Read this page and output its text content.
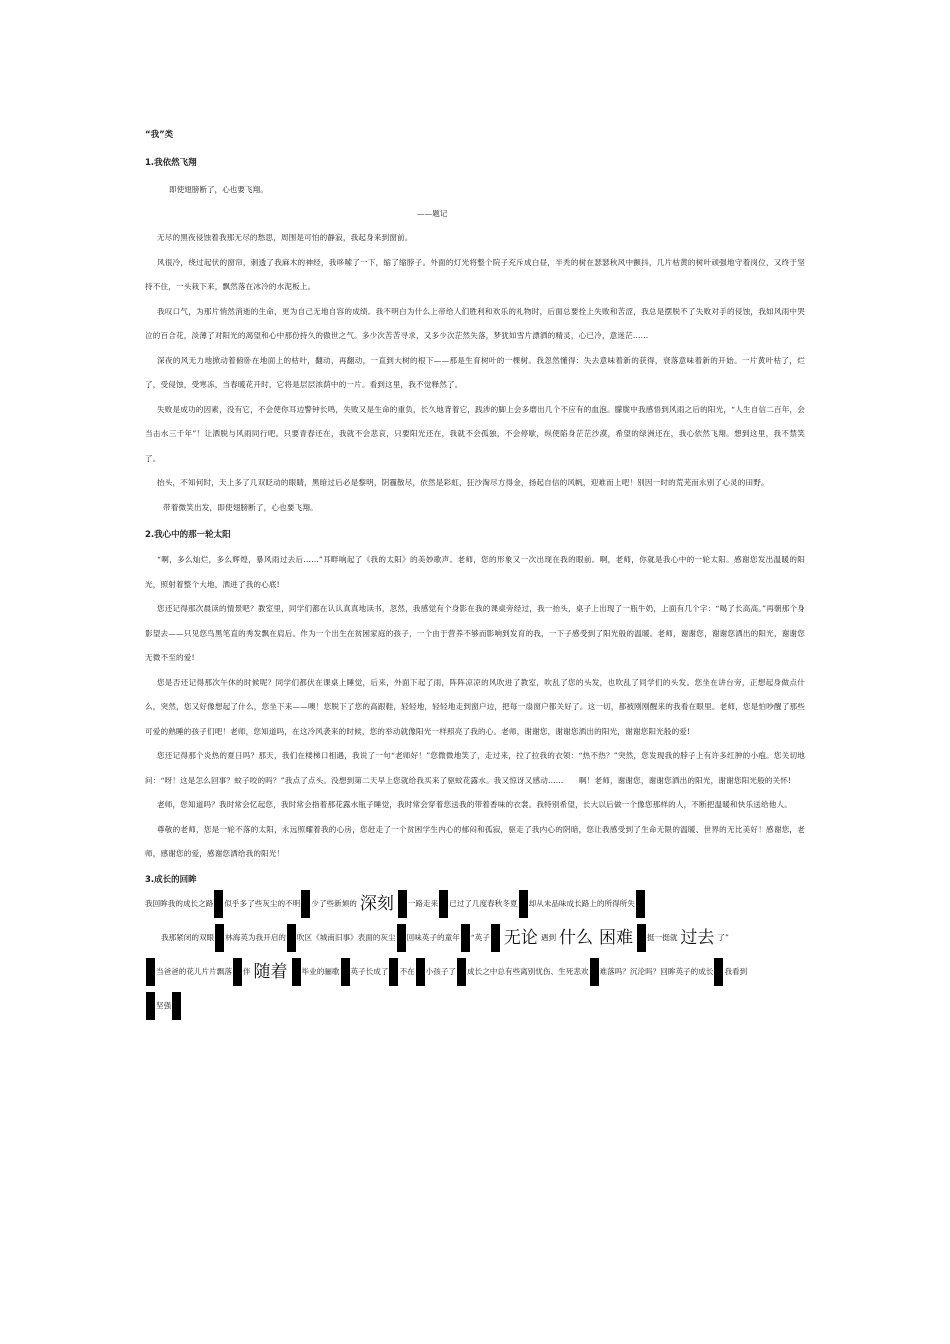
“我”类

1.我依然飞翔

即使翅膀断了，心也要飞翔。

——题记

无尽的黑夜侵蚀着我那无尽的愁思，周围是可怕的静寂，我起身来到窗前。

风很冷，绕过起伏的窗帘，刺透了我麻木的神经，我哆嗦了一下，缩了缩脖子。外面的灯光将整个院子充斥成白昼，半秃的树在瑟瑟秋风中颤抖，几片枯黄的树叶顽强地守着岗位，又终于坚持不住，一头栽下来，飘然落在冰冷的水泥板上。

我叹口气，为那片悄然消逝的生命，更为自己无地自容的成绩。我不明白为什么上帝给人们胜利和欢乐的礼物时，后面总要拴上失败和苦涩，我总是摆脱不了失败对手的侵蚀，我如风雨中哭泣的百合花，淡薄了对阳光的渴望和心中那份持久的傲世之气。多少次苦苦寻求，又多少次茫然失落，梦犹如雪片漂洒的精灵，心已冷，意迷茫……

深夜的风无力地掀动着俯卧在地面上的枯叶，翻动，再翻动，一直到大树的根下——那是生育树叶的一棵树。我忽然懂得：失去意味着新的获得，衰落意味着新的开始。一片黄叶枯了，烂了，受侵蚀，受寒冻，当春暖花开时，它将是层层浓荫中的一片。看到这里，我不觉释然了。

失败是成功的因素，没有它，不会使你耳边警钟长鸣，失败又是生命的重负，长久地背着它，践涉的脚上会多磨出几个不应有的血泡。朦胧中我感悟到风雨之后的阳光，“人生自信二百年，会当击水三千年”！让洒脱与风雨同行吧。只要青春还在，我就不会悲哀，只要阳光还在，我就不会孤独，不会停歇，纵使陷身茫茫沙漠，希望的绿洲还在，我心依然飞翔。想到这里，我不禁笑了。

抬头，不知何时，天上多了几双眨动的眼睛，黑暗过后必是黎明，阴霾散尽，依然是彩虹，狂沙淘尽方得金，扬起自信的风帆，迎难而上吧！别因一时的荒芜而永别了心灵的田野。

带着微笑出发，即使翅膀断了，心也要飞翔。

2.我心中的那一轮太阳

“啊，多么灿烂，多么辉煌，暴风雨过去后……”耳畔响起了《我的太阳》的美妙歌声。老师，您的形象又一次出现在我的眼前。啊，老师，你就是我心中的一轮太阳。感谢您发出温暖的阳光，照射着整个大地，洒进了我的心底!

您还记得那次晨读的情景吧？教室里，同学们都在认认真真地读书，忽然，我感觉有个身影在我的课桌旁经过，我一抬头，桌子上出现了一瓶牛奶，上面有几个字：“喝了长高高。”再朝那个身影望去——只见您鸟黑笔直的秀发飘在肩后。作为一个出生在贫困家庭的孩子，一个由于营养不够而影响到发育的我，一下子感受到了阳光般的温暖。老师，谢谢您，谢谢您洒出的阳光，谢谢您无微不至的爱!

您是否还记得那次午休的时候呢？同学们都伏在课桌上睡觉，后来，外面下起了雨，阵阵凉凉的风吹进了教室，吹乱了您的头发，也吹乱了同学们的头发。您坐在讲台旁，正想起身做点什么，突然，您又好像想起了什么，您坐下来——噢！您脱下了您的高跟鞋，轻轻地，轻轻地走到窗户边，把每一扇窗户都关好了。这一切，都被刚刚醒来的我看在眼里。老师，您是怕吵醒了那些可爱的熟睡的孩子们吧！老师，您知道吗，在这冷风袭来的时候，您的举动就像阳光一样照亮了我的心。老师，谢谢您，谢谢您洒出的阳光，谢谢您阳光般的爱!

您还记得那个炎热的夏日吗？那天，我们在楼梯口相遇，我说了一句“老师好！”您微微地笑了，走过来，拉了拉我的衣领：“热不热？”突然，您发现我的脖子上有许多红肿的小疱。您关切地问：“呀！这是怎么回事？蚊子咬的吗？”我点了点头。没想到第二天早上您就给我买来了驱蚊花露水。我又惊讶又感动……　　啊！老师，谢谢您，谢谢您洒出的阳光，谢谢您阳光般的关怀!

老师，您知道吗？我时常会忆起您，我时常会指着那花露水瓶子睡觉，我时常会穿着您送我的带着香味的衣裳。我特别希望，长大以后做一个像您那样的人，不断把温暖和快乐送给他人。

尊敬的老师，您是一轮不落的太阳，永远照耀着我的心房，您赶走了一个贫困学生内心的郁闷和孤寂，驱走了我内心的阴暗，您让我感受到了生命无限的温暖、世界的无比美好！感谢您，老师，感谢您的爱，感谢您洒给我的阳光！

3.成长的回眸

我回眸我的成长之路 似乎多了些灰尘的不明 少了些新頍的 深刻 一路走来 已过了几度春秋冬夏 却从未品味成长路上的所得所失

我那紧闭的双眼 林海英为我开启的 吹区《城南旧事》表面的灰尘 回味英子的童年 “英子 无论 遇到 什么 困难 挺一挺就 过去 了”

当爸爸的花儿片片飘落 伴 随着 毕业的骊歌 英子长成了 不在 小孩子了 成长之中总有些离别忧伤、生死悲欢 难落吗？沉沦吗？回眸英子的成长 我看到

坚强
